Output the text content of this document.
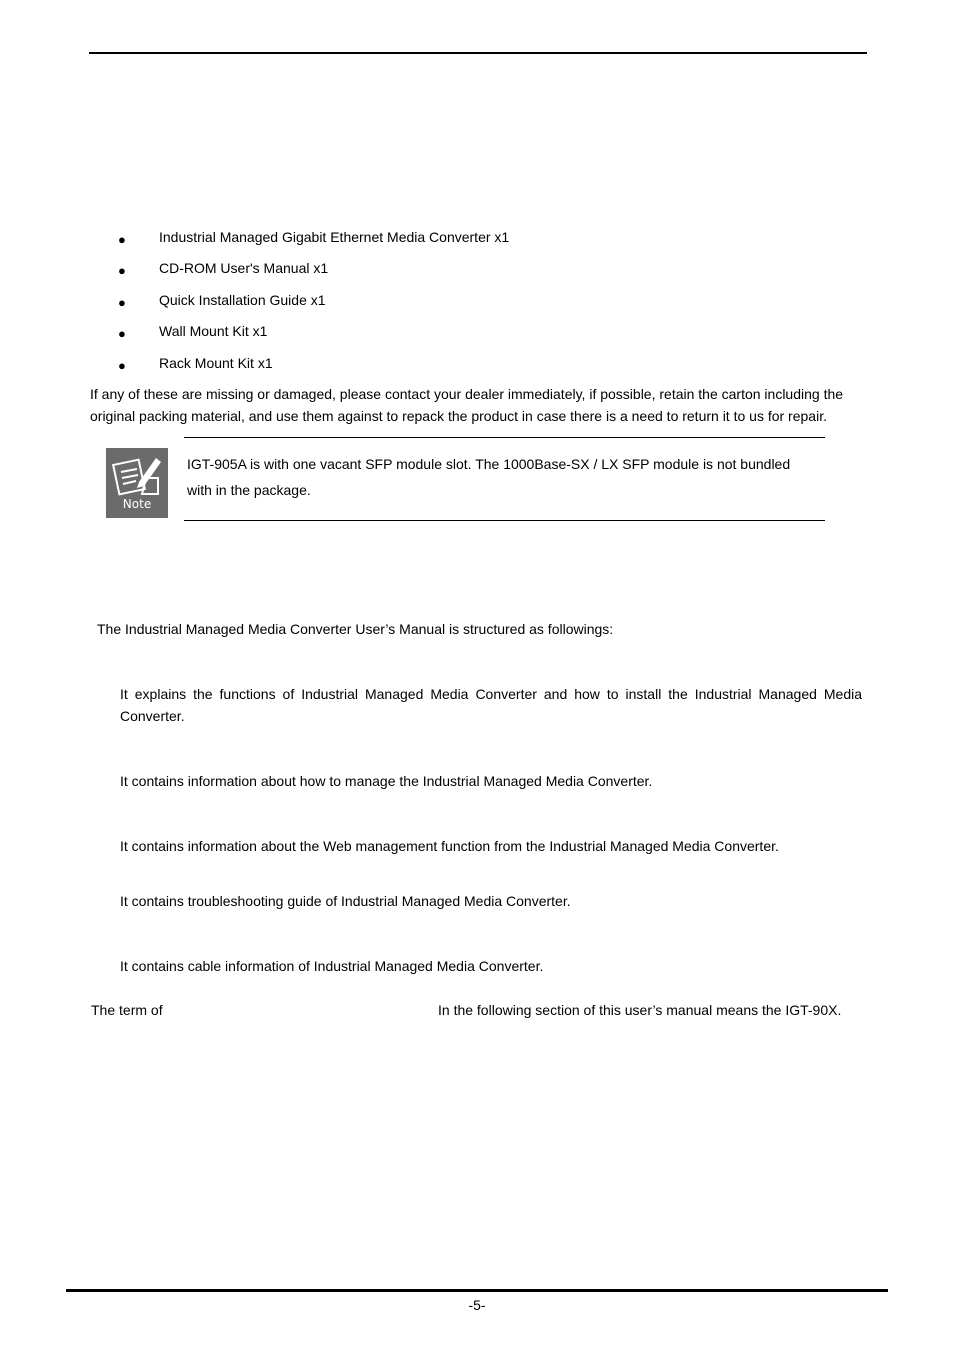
● Industrial Managed Gigabit Ethernet Media Converter x1
● CD-ROM User's Manual x1
● Quick Installation Guide x1
● Wall Mount Kit x1
● Rack Mount Kit x1
If any of these are missing or damaged, please contact your dealer immediately, if possible, retain the carton including the original packing material, and use them against to repack the product in case there is a need to return it to us for repair.
Note
IGT-905A is with one vacant SFP module slot. The 1000Base-SX / LX SFP module is not bundled with in the package.
The Industrial Managed Media Converter User’s Manual is structured as followings:
It explains the functions of Industrial Managed Media Converter and how to install the Industrial Managed Media Converter.
It contains information about how to manage the Industrial Managed Media Converter.
It contains information about the Web management function from the Industrial Managed Media Converter.
It contains troubleshooting guide of Industrial Managed Media Converter.
It contains cable information of Industrial Managed Media Converter.
The term of	In the following section of this user’s manual means the IGT-90X.
-5-
